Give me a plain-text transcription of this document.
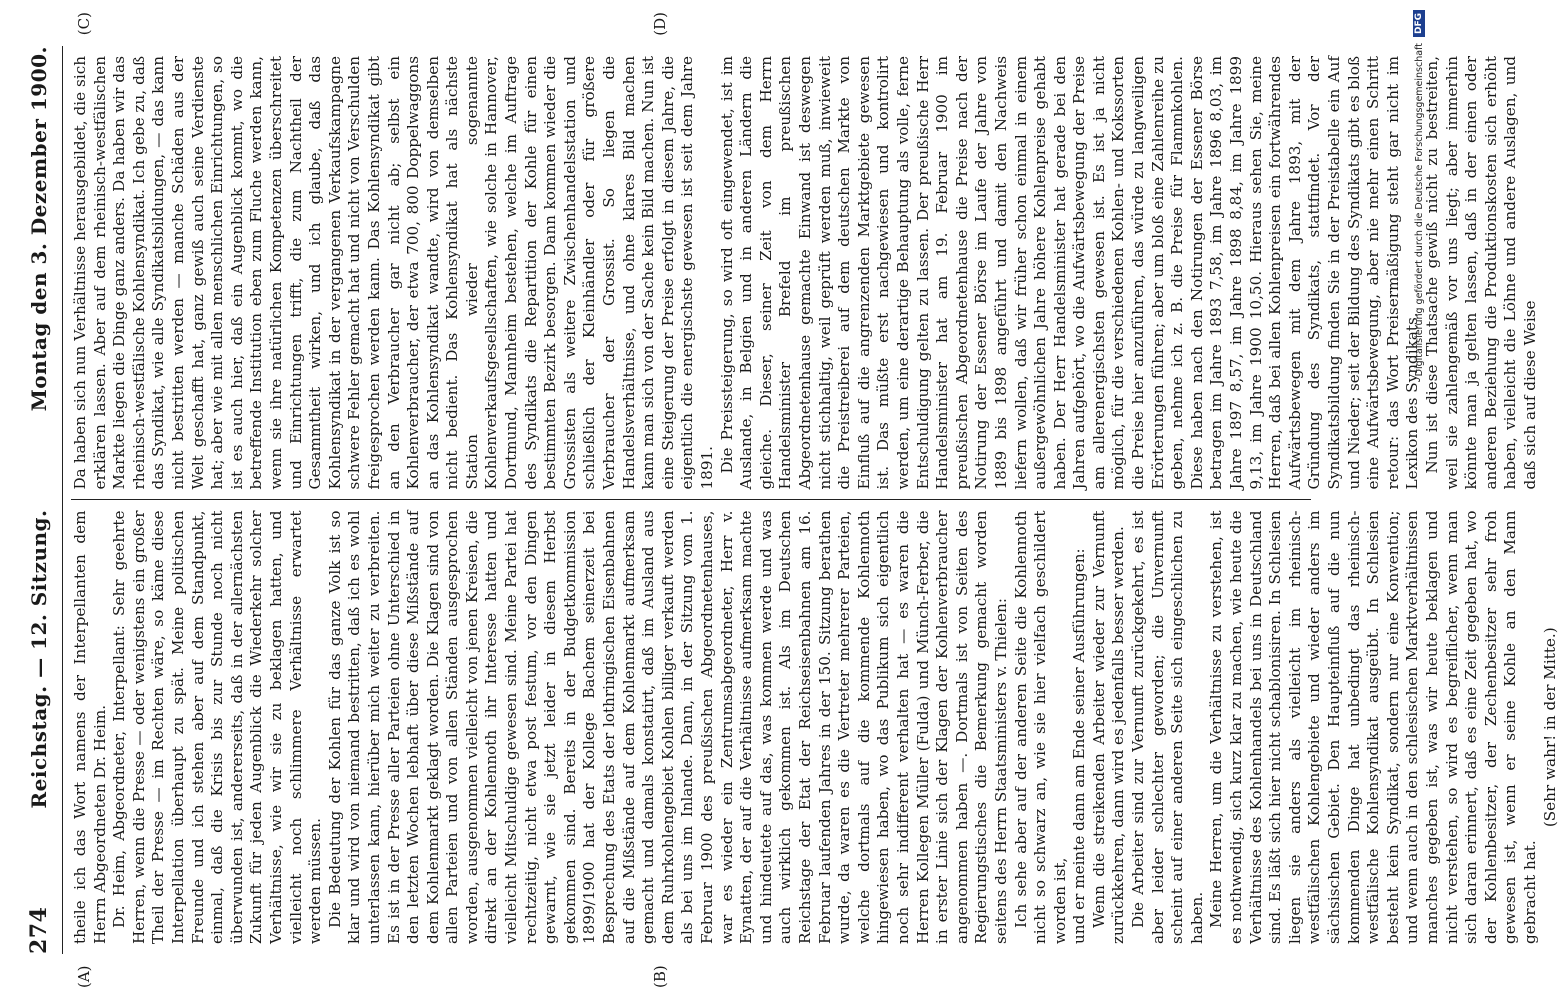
274
Reichstag. — 12. Sitzung.
Montag den 3. Dezember 1900.
(A)	(B)
(C)	(D)

theile ich das Wort namens der Interpellanten dem Herrn Abgeordneten Dr. Heim. Dr. Heim, Abgeordneter, Interpellant: Sehr geehrte Herren, wenn die Presse — oder wenigstens ein großer Theil der Presse — im Rechten wäre, so käme diese Interpellation überhaupt zu spät. Meine politischen Freunde und ich stehen aber auf dem Standpunkt, einmal, daß die Krisis bis zur Stunde noch nicht überwunden ist, andererseits, daß in der allernächsten Zukunft für jeden Augenblick die Wiederkehr solcher Verhältnisse, wie wir sie zu beklagen hatten, und vielleicht noch schlimmere Verhältnisse erwartet werden müssen. Die Bedeutung der Kohlen für das ganze Volk ist so klar und wird von niemand bestritten, daß ich es wohl unterlassen kann, hierüber mich weiter zu verbreiten. Es ist in der Presse aller Parteien ohne Unterschied in den letzten Wochen lebhaft über diese Mißstände auf dem Kohlenmarkt geklagt worden. Die Klagen sind von allen Parteien und von allen Ständen ausgesprochen worden, ausgenommen vielleicht von jenen Kreisen, die direkt an der Kohlennoth ihr Interesse hatten und vielleicht Mitschuldige gewesen sind. Meine Partei hat rechtzeitig, nicht etwa post festum, vor den Dingen gewarnt, wie sie jetzt leider in diesem Herbst gekommen sind. Bereits in der Budgetkommission 1899/1900 hat der Kollege Bachem seinerzeit bei Besprechung des Etats der lothringischen Eisenbahnen auf die Mißstände auf dem Kohlenmarkt aufmerksam gemacht und damals konstatirt, daß im Ausland aus dem Ruhrkohlengebiet Kohlen billiger verkauft werden als bei uns im Inlande. Dann, in der Sitzung vom 1. Februar 1900 des preußischen Abgeordnetenhauses, war es wieder ein Zentrumsabgeordneter, Herr v. Eynatten, der auf die Verhältnisse aufmerksam machte und hindeutete auf das, was kommen werde und was auch wirklich gekommen ist. Als im Deutschen Reichstage der Etat der Reichseisenbahnen am 16. Februar laufenden Jahres in der 150. Sitzung berathen wurde, da waren es die Vertreter mehrerer Parteien, welche dortmals auf die kommende Kohlennoth hingewiesen haben, wo das Publikum sich eigentlich noch sehr indifferent verhalten hat — es waren die Herren Kollegen Müller (Fulda) und Münch-Ferber, die in erster Linie sich der Klagen der Kohlenverbraucher angenommen haben —. Dortmals ist von Seiten des Regierungstisches die Bemerkung gemacht worden seitens des Herrn Staatsministers v. Thielen: Ich sehe aber auf der anderen Seite die Kohlennoth nicht so schwarz an, wie sie hier vielfach geschildert worden ist, und er meinte dann am Ende seiner Ausführungen: Wenn die streikenden Arbeiter wieder zur Vernunft zurückkehren, dann wird es jedenfalls besser werden. Die Arbeiter sind zur Vernunft zurückgekehrt, es ist aber leider schlechter geworden; die Unvernunft scheint auf einer anderen Seite sich eingeschlichen zu haben. Meine Herren, um die Verhältnisse zu verstehen, ist es nothwendig, sich kurz klar zu machen, wie heute die Verhältnisse des Kohlenhandels bei uns in Deutschland sind. Es läßt sich hier nicht schablonisiren. In Schlesien liegen sie anders als vielleicht im rheinisch-westfälischen Kohlengebiete und wieder anders im sächsischen Gebiet. Den Haupteinfluß auf die nun kommenden Dinge hat unbedingt das rheinisch-westfälische Kohlensyndikat ausgeübt. In Schlesien besteht kein Syndikat, sondern nur eine Konvention; und wenn auch in den schlesischen Marktverhältnissen manches gegeben ist, was wir heute beklagen und nicht verstehen, so wird es begreiflicher, wenn man sich daran erinnert, daß es eine Zeit gegeben hat, wo der Kohlenbesitzer, der Zechenbesitzer sehr froh gewesen ist, wenn er seine Kohle an den Mann gebracht hat.

(Sehr wahr! in der Mitte.)

Da haben sich nun Verhältnisse herausgebildet, die sich erklären lassen. Aber auf dem rheinisch-westfälischen Markte liegen die Dinge ganz anders. Da haben wir das rheinisch-westfälische Kohlensyndikat. Ich gebe zu, daß das Syndikat, wie alle Syndikatsbildungen, — das kann nicht bestritten werden — manche Schäden aus der Welt geschafft hat, ganz gewiß auch seine Verdienste hat; aber wie mit allen menschlichen Einrichtungen, so ist es auch hier, daß ein Augenblick kommt, wo die betreffende Institution eben zum Fluche werden kann, wenn sie ihre natürlichen Kompetenzen überschreitet und Einrichtungen trifft, die zum Nachtheil der Gesammtheit wirken, und ich glaube, daß das Kohlensyndikat in der vergangenen Verkaufskampagne schwere Fehler gemacht hat und nicht von Verschulden freigesprochen werden kann. Das Kohlensyndikat gibt an den Verbraucher gar nicht ab; selbst ein Kohlenverbraucher, der etwa 700, 800 Doppelwaggons an das Kohlensyndikat wandte, wird von demselben nicht bedient. Das Kohlensyndikat hat als nächste Station wieder sogenannte Kohlenverkaufsgesellschaften, wie solche in Hannover, Dortmund, Mannheim bestehen, welche im Auftrage des Syndikats die Repartition der Kohle für einen bestimmten Bezirk besorgen. Dann kommen wieder die Grossisten als weitere Zwischenhandelsstation und schließlich der Kleinhändler oder für größere Verbraucher der Grossist. So liegen die Handelsverhältnisse, und ohne klares Bild machen kann man sich von der Sache kein Bild machen. Nun ist eine Steigerung der Preise erfolgt in diesem Jahre, die eigentlich die energischste gewesen ist seit dem Jahre 1891. Die Preissteigerung, so wird oft eingewendet, ist im Auslande, in Belgien und in anderen Ländern die gleiche. Dieser, seiner Zeit von dem Herrn Handelsminister Brefeld im preußischen Abgeordnetenhause gemachte Einwand ist deswegen nicht stichhaltig, weil geprüft werden muß, inwieweit die Preistreiberei auf dem deutschen Markte von Einfluß auf die angrenzenden Marktgebiete gewesen ist. Das müßte erst nachgewiesen und kontrolirt werden, um eine derartige Behauptung als volle, ferne Entschuldigung gelten zu lassen. Der preußische Herr Handelsminister hat am 19. Februar 1900 im preußischen Abgeordnetenhause die Preise nach der Notirung der Essener Börse im Laufe der Jahre von 1889 bis 1898 angeführt und damit den Nachweis liefern wollen, daß wir früher schon einmal in einem außergewöhnlichen Jahre höhere Kohlenpreise gehabt haben. Der Herr Handelsminister hat gerade bei den Jahren aufgehört, wo die Aufwärtsbewegung der Preise am allerenergischsten gewesen ist. Es ist ja nicht möglich, für die verschiedenen Kohlen- und Kokssorten die Preise hier anzuführen, das würde zu langweiligen Erörterungen führen; aber um bloß eine Zahlenreihe zu geben, nehme ich z. B. die Preise für Flammkohlen. Diese haben nach den Notirungen der Essener Börse betragen im Jahre 1893 7,58, im Jahre 1896 8,03, im Jahre 1897 8,57, im Jahre 1898 8,84, im Jahre 1899 9,13, im Jahre 1900 10,50. Hieraus sehen Sie, meine Herren, daß bei allen Kohlenpreisen ein fortwährendes Aufwärtsbewegen mit dem Jahre 1893, mit der Gründung des Syndikats, stattfindet. Vor der Syndikatsbildung finden Sie in der Preistabelle ein Auf und Nieder; seit der Bildung des Syndikats gibt es bloß eine Aufwärtsbewegung, aber nie mehr einen Schritt retour: das Wort Preisermäßigung steht gar nicht im Lexikon des Syndikats. Nun ist diese Thatsache gewiß nicht zu bestreiten, weil sie zahlengemäß vor uns liegt; aber immerhin könnte man ja gelten lassen, daß in der einen oder anderen Beziehung die Produktionskosten sich erhöht haben, vielleicht die Löhne und andere Auslagen, und daß sich auf diese Weise

Digitalisierung gefördert durch die Deutsche Forschungsgemeinschaft
DFG
